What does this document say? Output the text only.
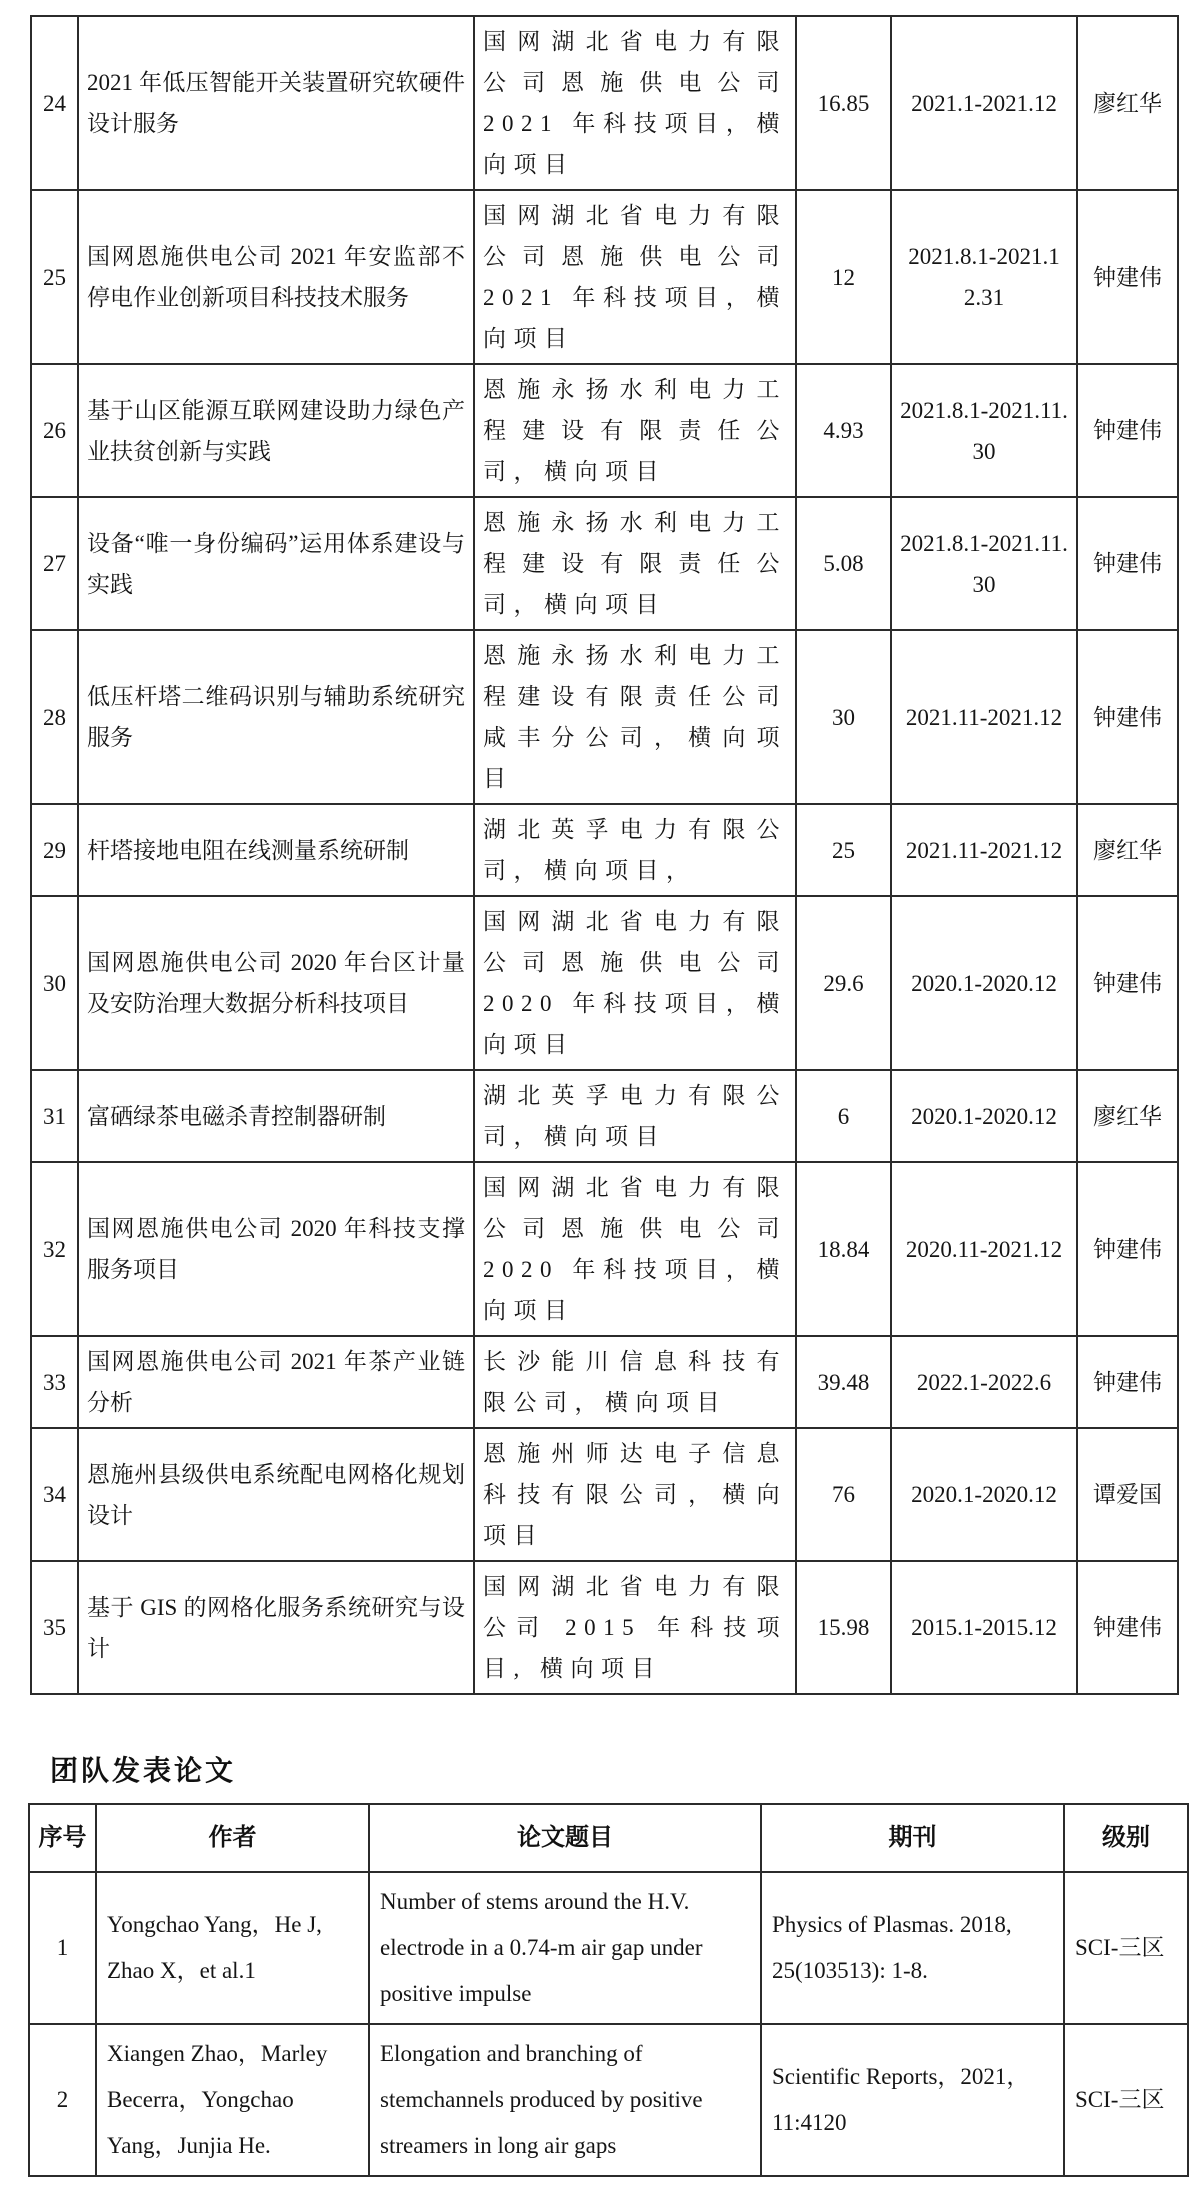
24	2021 年低压智能开关装置研究软硬件设计服务	国网湖北省电力有限公司恩施供电公司 2021 年科技项目，横向项目	16.85	2021.1-2021.12	廖红华
25	国网恩施供电公司 2021 年安监部不停电作业创新项目科技技术服务	国网湖北省电力有限公司恩施供电公司 2021 年科技项目，横向项目	12	2021.8.1-2021.12.31	钟建伟
26	基于山区能源互联网建设助力绿色产业扶贫创新与实践	恩施永扬水利电力工程建设有限责任公司，横向项目	4.93	2021.8.1-2021.11.30	钟建伟
27	设备“唯一身份编码”运用体系建设与实践	恩施永扬水利电力工程建设有限责任公司，横向项目	5.08	2021.8.1-2021.11.30	钟建伟
28	低压杆塔二维码识别与辅助系统研究服务	恩施永扬水利电力工程建设有限责任公司咸丰分公司，横向项目	30	2021.11-2021.12	钟建伟
29	杆塔接地电阻在线测量系统研制	湖北英孚电力有限公司，横向项目，	25	2021.11-2021.12	廖红华
30	国网恩施供电公司 2020 年台区计量及安防治理大数据分析科技项目	国网湖北省电力有限公司恩施供电公司 2020 年科技项目，横向项目	29.6	2020.1-2020.12	钟建伟
31	富硒绿茶电磁杀青控制器研制	湖北英孚电力有限公司，横向项目	6	2020.1-2020.12	廖红华
32	国网恩施供电公司 2020 年科技支撑服务项目	国网湖北省电力有限公司恩施供电公司 2020 年科技项目，横向项目	18.84	2020.11-2021.12	钟建伟
33	国网恩施供电公司 2021 年茶产业链分析	长沙能川信息科技有限公司，横向项目	39.48	2022.1-2022.6	钟建伟
34	恩施州县级供电系统配电网格化规划设计	恩施州师达电子信息科技有限公司，横向项目	76	2020.1-2020.12	谭爱国
35	基于 GIS 的网格化服务系统研究与设计	国网湖北省电力有限公司 2015 年科技项目, 横向项目	15.98	2015.1-2015.12	钟建伟
团队发表论文
序号	作者	论文题目	期刊	级别
1	Yongchao Yang，He J, Zhao X，et al.1	Number of stems around the H.V. electrode in a 0.74-m air gap under positive impulse	Physics of Plasmas. 2018, 25(103513): 1-8.	SCI-三区
2	Xiangen Zhao，Marley Becerra，Yongchao Yang，Junjia He.	Elongation and branching of stemchannels produced by positive streamers in long air gaps	Scientific Reports，2021，11:4120	SCI-三区
